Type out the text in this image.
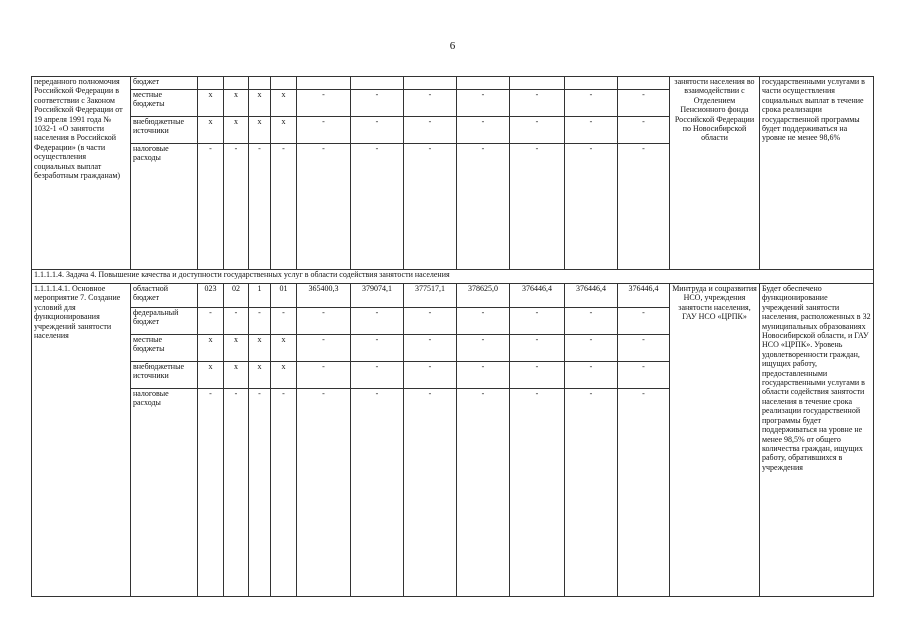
6
переданного полномочия Российской Федерации в соответствии с Законом Российской Федерации от 19 апреля 1991 года № 1032-1 «О занятости населения в Российской Федерации» (в части осуществления социальных выплат безработным гражданам)	бюджет												занятости населения во взаимодействии с Отделением Пенсионного фонда Российской Федерации по Новосибирской области	государственными услугами в части осуществления социальных выплат в течение срока реализации государственной программы будет поддерживаться на уровне не менее 98,6%
	местные бюджеты	x	x	x	x	-	-	-	-	-	-	-		
	внебюджетные источники	x	x	x	x	-	-	-	-	-	-	-		
	налоговые расходы	-	-	-	-	-	-	-	-	-	-	-		
1.1.1.1.4. Задача 4. Повышение качества и доступности государственных услуг в области содействия занятости населения														
1.1.1.1.4.1. Основное мероприятие 7. Создание условий для функционирования учреждений занятости населения	областной бюджет	023	02	1	01	365400,3	379074,1	377517,1	378625,0	376446,4	376446,4	376446,4	Минтруда и соцразвития НСО, учреждения занятости населения, ГАУ НСО «ЦРПК»	Будет обеспечено функционирование учреждений занятости населения, расположенных в 32 муниципальных образованиях Новосибирской области, и ГАУ НСО «ЦРПК». Уровень удовлетворенности граждан, ищущих работу, предоставленными государственными услугами в области содействия занятости населения в течение срока реализации государственной программы будет поддерживаться на уровне не менее 98,5% от общего количества граждан, ищущих работу, обратившихся в учреждения
	федеральный бюджет	-	-	-	-	-	-	-	-	-	-	-		
	местные бюджеты	x	x	x	x	-	-	-	-	-	-	-		
	внебюджетные источники	x	x	x	x	-	-	-	-	-	-	-		
	налоговые расходы	-	-	-	-	-	-	-	-	-	-	-		
